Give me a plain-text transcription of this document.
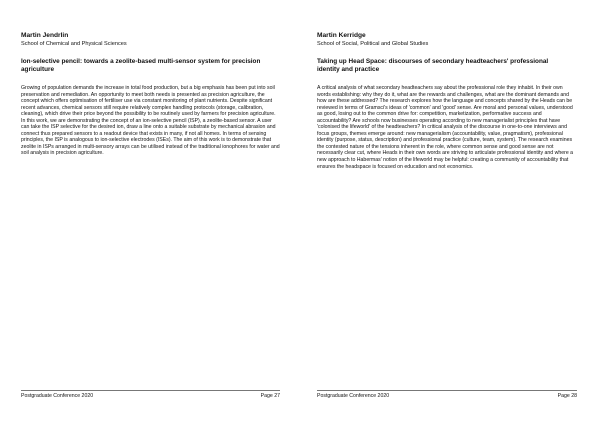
Martin Jendrlin
School of Chemical and Physical Sciences
Ion-selective pencil: towards a zeolite-based multi-sensor system for precision agriculture
Growing of population demands the increase in total food production, but a big emphasis has been put into soil preservation and remediation. An opportunity to meet both needs is presented as precision agriculture, the concept which offers optimisation of fertiliser use via constant monitoring of plant nutrients. Despite significant recent advances, chemical sensors still require relatively complex handling protocols (storage, calibration, cleaning), which drive their price beyond the possibility to be routinely used by farmers for precision agriculture. In this work, we are demonstrating the concept of an ion-selective pencil (ISP), a zeolite-based sensor. A user can take the ISP selective for the desired ion, draw a line onto a suitable substrate by mechanical abrasion and connect thus prepared sensors to a readout device that exists in many, if not all homes. In terms of sensing principles, the ISP is analogous to ion-selective electrodes (ISEs). The aim of this work is to demonstrate that zeolite in ISPs arranged in multi-sensory arrays can be utilised instead of the traditional ionophores for water and soil analysis in precision agriculture.
Postgraduate Conference 2020	Page 27
Martin Kerridge
School of Social, Political and Global Studies
Taking up Head Space: discourses of secondary headteachers' professional identity and practice
A critical analysis of what secondary headteachers say about the professional role they inhabit. In their own words establishing: why they do it, what are the rewards and challenges, what are the dominant demands and how are these addressed? The research explores how the language and concepts shared by the Heads can be reviewed in terms of Gramsci's ideas of 'common' and 'good' sense. Are moral and personal values, understood as good, losing out to the common drive for: competition, marketization, performative success and accountability? Are schools now businesses operating according to new managerialist principles that have 'colonised the lifeworld' of the headteachers? In critical analysis of the discourse in one-to-one interviews and focus groups, themes emerge around: new managerialism (accountability, value, pragmatism), professional identity (purpose, status, description) and professional practice (culture, team, system). The research examines the contested nature of the tensions inherent in the role, where common sense and good sense are not necessarily clear cut, where Heads in their own words are striving to articulate professional identity and where a new approach to Habermas' notion of the lifeworld may be helpful: creating a community of accountability that ensures the headspace is focused on education and not economics.
Postgraduate Conference 2020	Page 28
